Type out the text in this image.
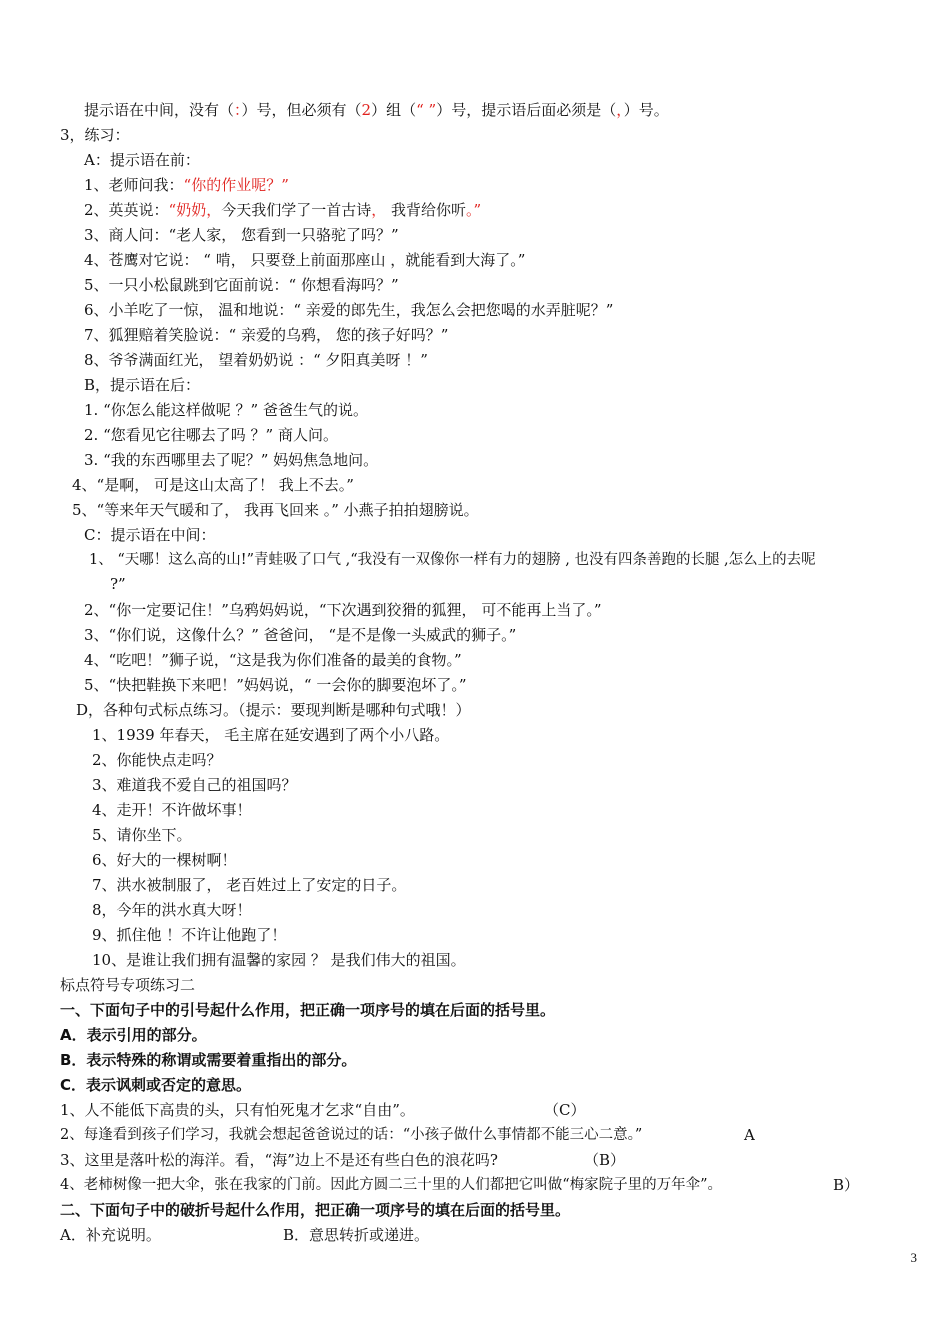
提示语在中间，没有（：）号，但必须有（2）组（“ ”）号，提示语后面必须是（，）号。
3，练习：
A：提示语在前：
1、老师问我：“你的作业呢？”
2、英英说：“奶奶，今天我们学了一首古诗， 我背给你听。”
3、商人问：“老人家， 您看到一只骆驼了吗？”
4、苍鹰对它说： “ 啃， 只要登上前面那座山 ，就能看到大海了。”
5、一只小松鼠跳到它面前说：“ 你想看海吗？”
6、小羊吃了一惊， 温和地说：“ 亲爱的郎先生，我怎么会把您喝的水弄脏呢？”
7、狐狸赔着笑脸说：“ 亲爱的乌鸦， 您的孩子好吗？”
8、爷爷满面红光， 望着奶奶说 ：“ 夕阳真美呀 ！”
B，提示语在后：
1. “你怎么能这样做呢 ？” 爸爸生气的说。
2. “您看见它往哪去了吗 ？” 商人问。
3. “我的东西哪里去了呢？” 妈妈焦急地问。
4、“是啊， 可是这山太高了！ 我上不去。”
5、“等来年天气暖和了， 我再飞回来 。” 小燕子拍拍翅膀说。
C：提示语在中间：
1、 “天哪！这么高的山!”青蛙吸了口气 ,“我没有一双像你一样有力的翅膀 , 也没有四条善跑的长腿 ,怎么上的去呢
?”
2、“你一定要记住！”乌鸦妈妈说，“下次遇到狡猾的狐狸， 可不能再上当了。”
3、“你们说，这像什么？” 爸爸问， “是不是像一头威武的狮子。”
4、“吃吧！”狮子说，“这是我为你们准备的最美的食物。”
5、“快把鞋换下来吧！”妈妈说，“ 一会你的脚要泡坏了。”
D，各种句式标点练习。（提示：要现判断是哪种句式哦！）
1、1939 年春天， 毛主席在延安遇到了两个小八路。
2、你能快点走吗？
3、难道我不爱自己的祖国吗？
4、走开！不许做坏事！
5、请你坐下。
6、好大的一棵树啊！
7、洪水被制服了， 老百姓过上了安定的日子。
8，今年的洪水真大呀！
9、抓住他 ！不许让他跑了！
10、是谁让我们拥有温馨的家园 ？ 是我们伟大的祖国。
标点符号专项练习二
一、下面句子中的引号起什么作用，把正确一项序号的填在后面的括号里。
A．表示引用的部分。
B．表示特殊的称谓或需要着重指出的部分。
C．表示讽刺或否定的意思。
1、人不能低下高贵的头，只有怕死鬼才乞求“自由”。	（C）
2、每逢看到孩子们学习，我就会想起爸爸说过的话：“小孩子做什么事情都不能三心二意。”	A
3、这里是落叶松的海洋。看，“海”边上不是还有些白色的浪花吗?	（B）
4、老柿树像一把大伞，张在我家的门前。因此方圆二三十里的人们都把它叫做“梅家院子里的万年伞”。	B）
二、下面句子中的破折号起什么作用，把正确一项序号的填在后面的括号里。
A．补充说明。	B．意思转折或递进。
3
